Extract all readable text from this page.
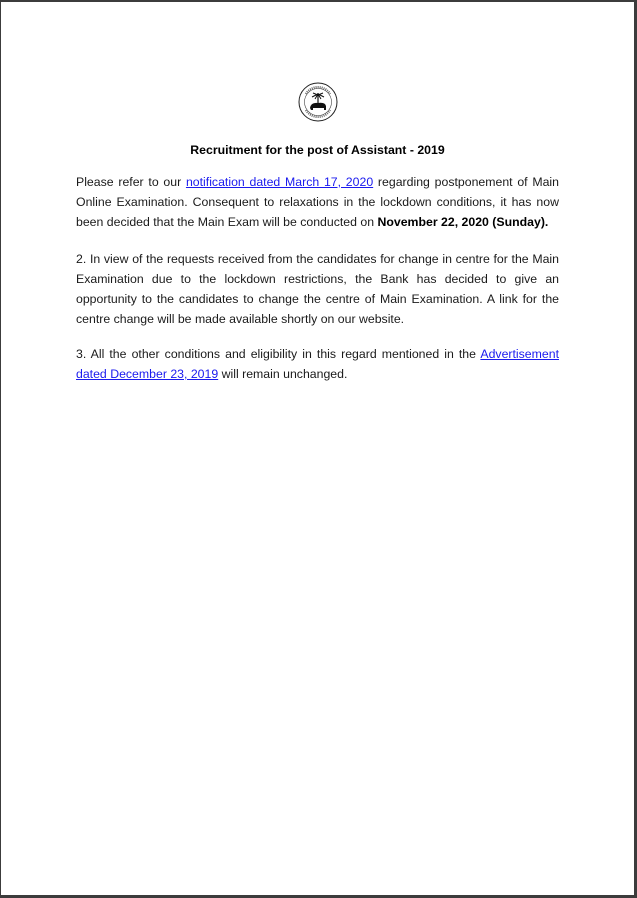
Recruitment for the post of Assistant - 2019

Please refer to our notification dated March 17, 2020 regarding postponement of Main Online Examination. Consequent to relaxations in the lockdown conditions, it has now been decided that the Main Exam will be conducted on November 22, 2020 (Sunday).

2. In view of the requests received from the candidates for change in centre for the Main Examination due to the lockdown restrictions, the Bank has decided to give an opportunity to the candidates to change the centre of Main Examination. A link for the centre change will be made available shortly on our website.

3. All the other conditions and eligibility in this regard mentioned in the Advertisement dated December 23, 2019 will remain unchanged.
